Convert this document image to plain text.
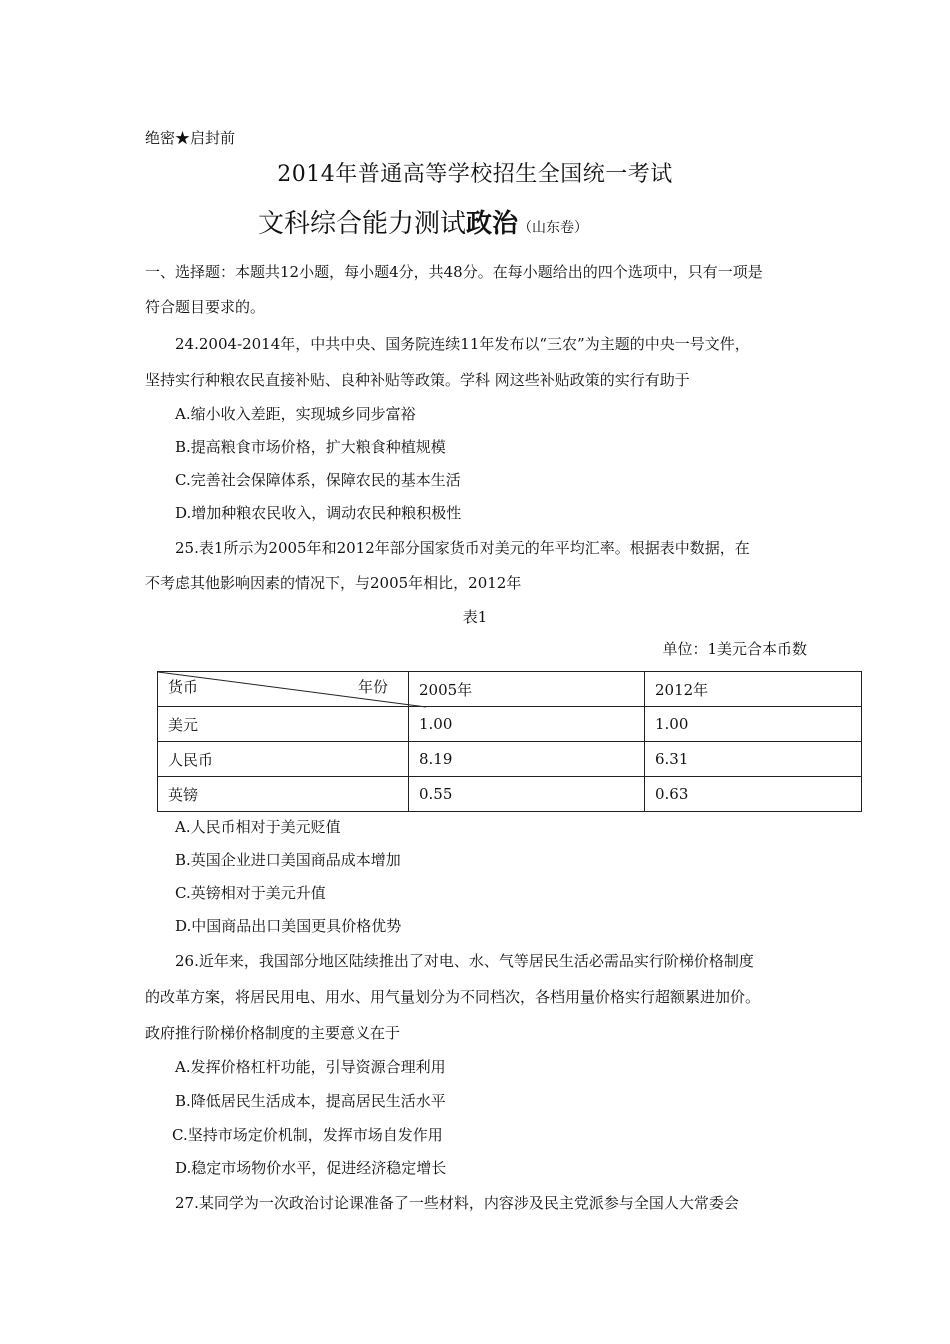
绝密★启封前
2014年普通高等学校招生全国统一考试
文科综合能力测试政治（山东卷）
一、选择题：本题共12小题，每小题4分，共48分。在每小题给出的四个选项中，只有一项是
符合题目要求的。
24.2004-2014年，中共中央、国务院连续11年发布以“三农”为主题的中央一号文件，
坚持实行种粮农民直接补贴、良种补贴等政策。学科 网这些补贴政策的实行有助于
A.缩小收入差距，实现城乡同步富裕
B.提高粮食市场价格，扩大粮食种植规模
C.完善社会保障体系，保障农民的基本生活
D.增加种粮农民收入，调动农民种粮积极性
25.表1所示为2005年和2012年部分国家货币对美元的年平均汇率。根据表中数据，在
不考虑其他影响因素的情况下，与2005年相比，2012年
表1
单位：1美元合本币数
货币 年份	2005年	2012年
美元	1.00	1.00
人民币	8.19	6.31
英镑	0.55	0.63
A.人民币相对于美元贬值
B.英国企业进口美国商品成本增加
C.英镑相对于美元升值
D.中国商品出口美国更具价格优势
26.近年来，我国部分地区陆续推出了对电、水、气等居民生活必需品实行阶梯价格制度
的改革方案，将居民用电、用水、用气量划分为不同档次，各档用量价格实行超额累进加价。
政府推行阶梯价格制度的主要意义在于
A.发挥价格杠杆功能，引导资源合理利用
B.降低居民生活成本，提高居民生活水平
C.坚持市场定价机制，发挥市场自发作用
D.稳定市场物价水平，促进经济稳定增长
27.某同学为一次政治讨论课准备了一些材料，内容涉及民主党派参与全国人大常委会
